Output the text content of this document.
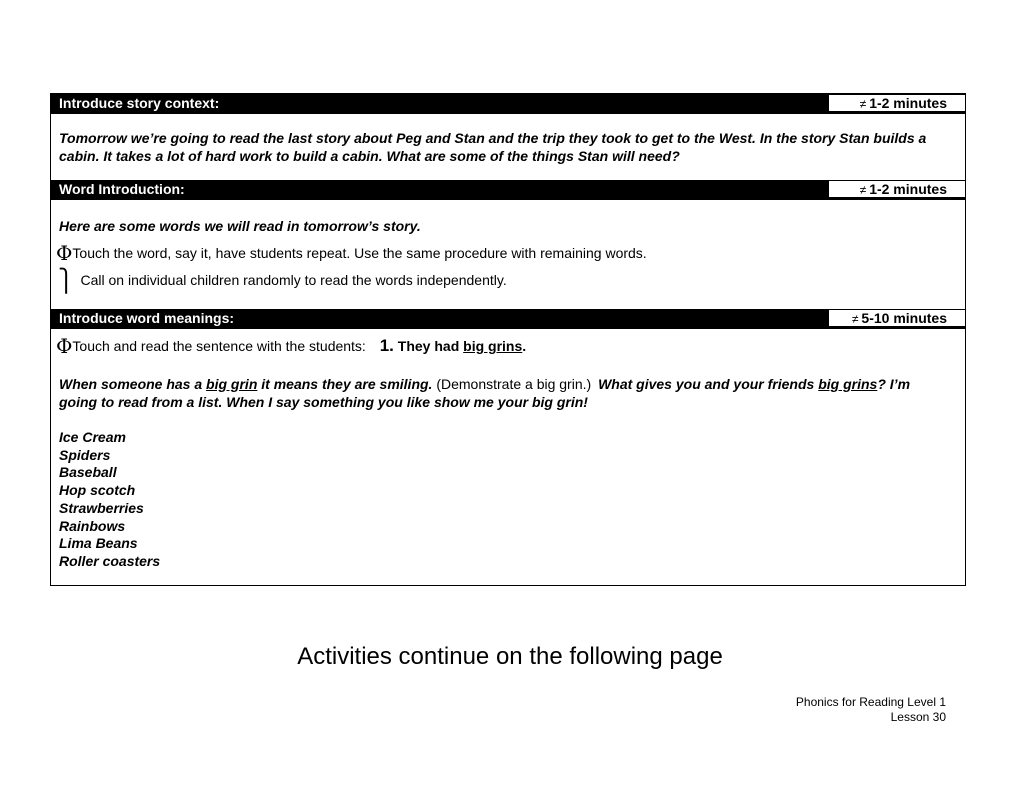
Introduce story context:	≠ 1-2 minutes
Tomorrow we’re going to read the last story about Peg and Stan and the trip they took to get to the West. In the story Stan builds a cabin. It takes a lot of hard work to build a cabin. What are some of the things Stan will need?
Word Introduction:	≠ 1-2 minutes
Here are some words we will read in tomorrow’s story.
ΦTouch the word, say it, have students repeat. Use the same procedure with remaining words.
⎫ Call on individual children randomly to read the words independently.
Introduce word meanings:	≠ 5-10 minutes
ΦTouch and read the sentence with the students: 1. They had big grins.
When someone has a big grin it means they are smiling. (Demonstrate a big grin.) What gives you and your friends big grins? I’m going to read from a list. When I say something you like show me your big grin!
Ice Cream
Spiders
Baseball
Hop scotch
Strawberries
Rainbows
Lima Beans
Roller coasters
Activities continue on the following page
Phonics for Reading Level 1
Lesson 30
